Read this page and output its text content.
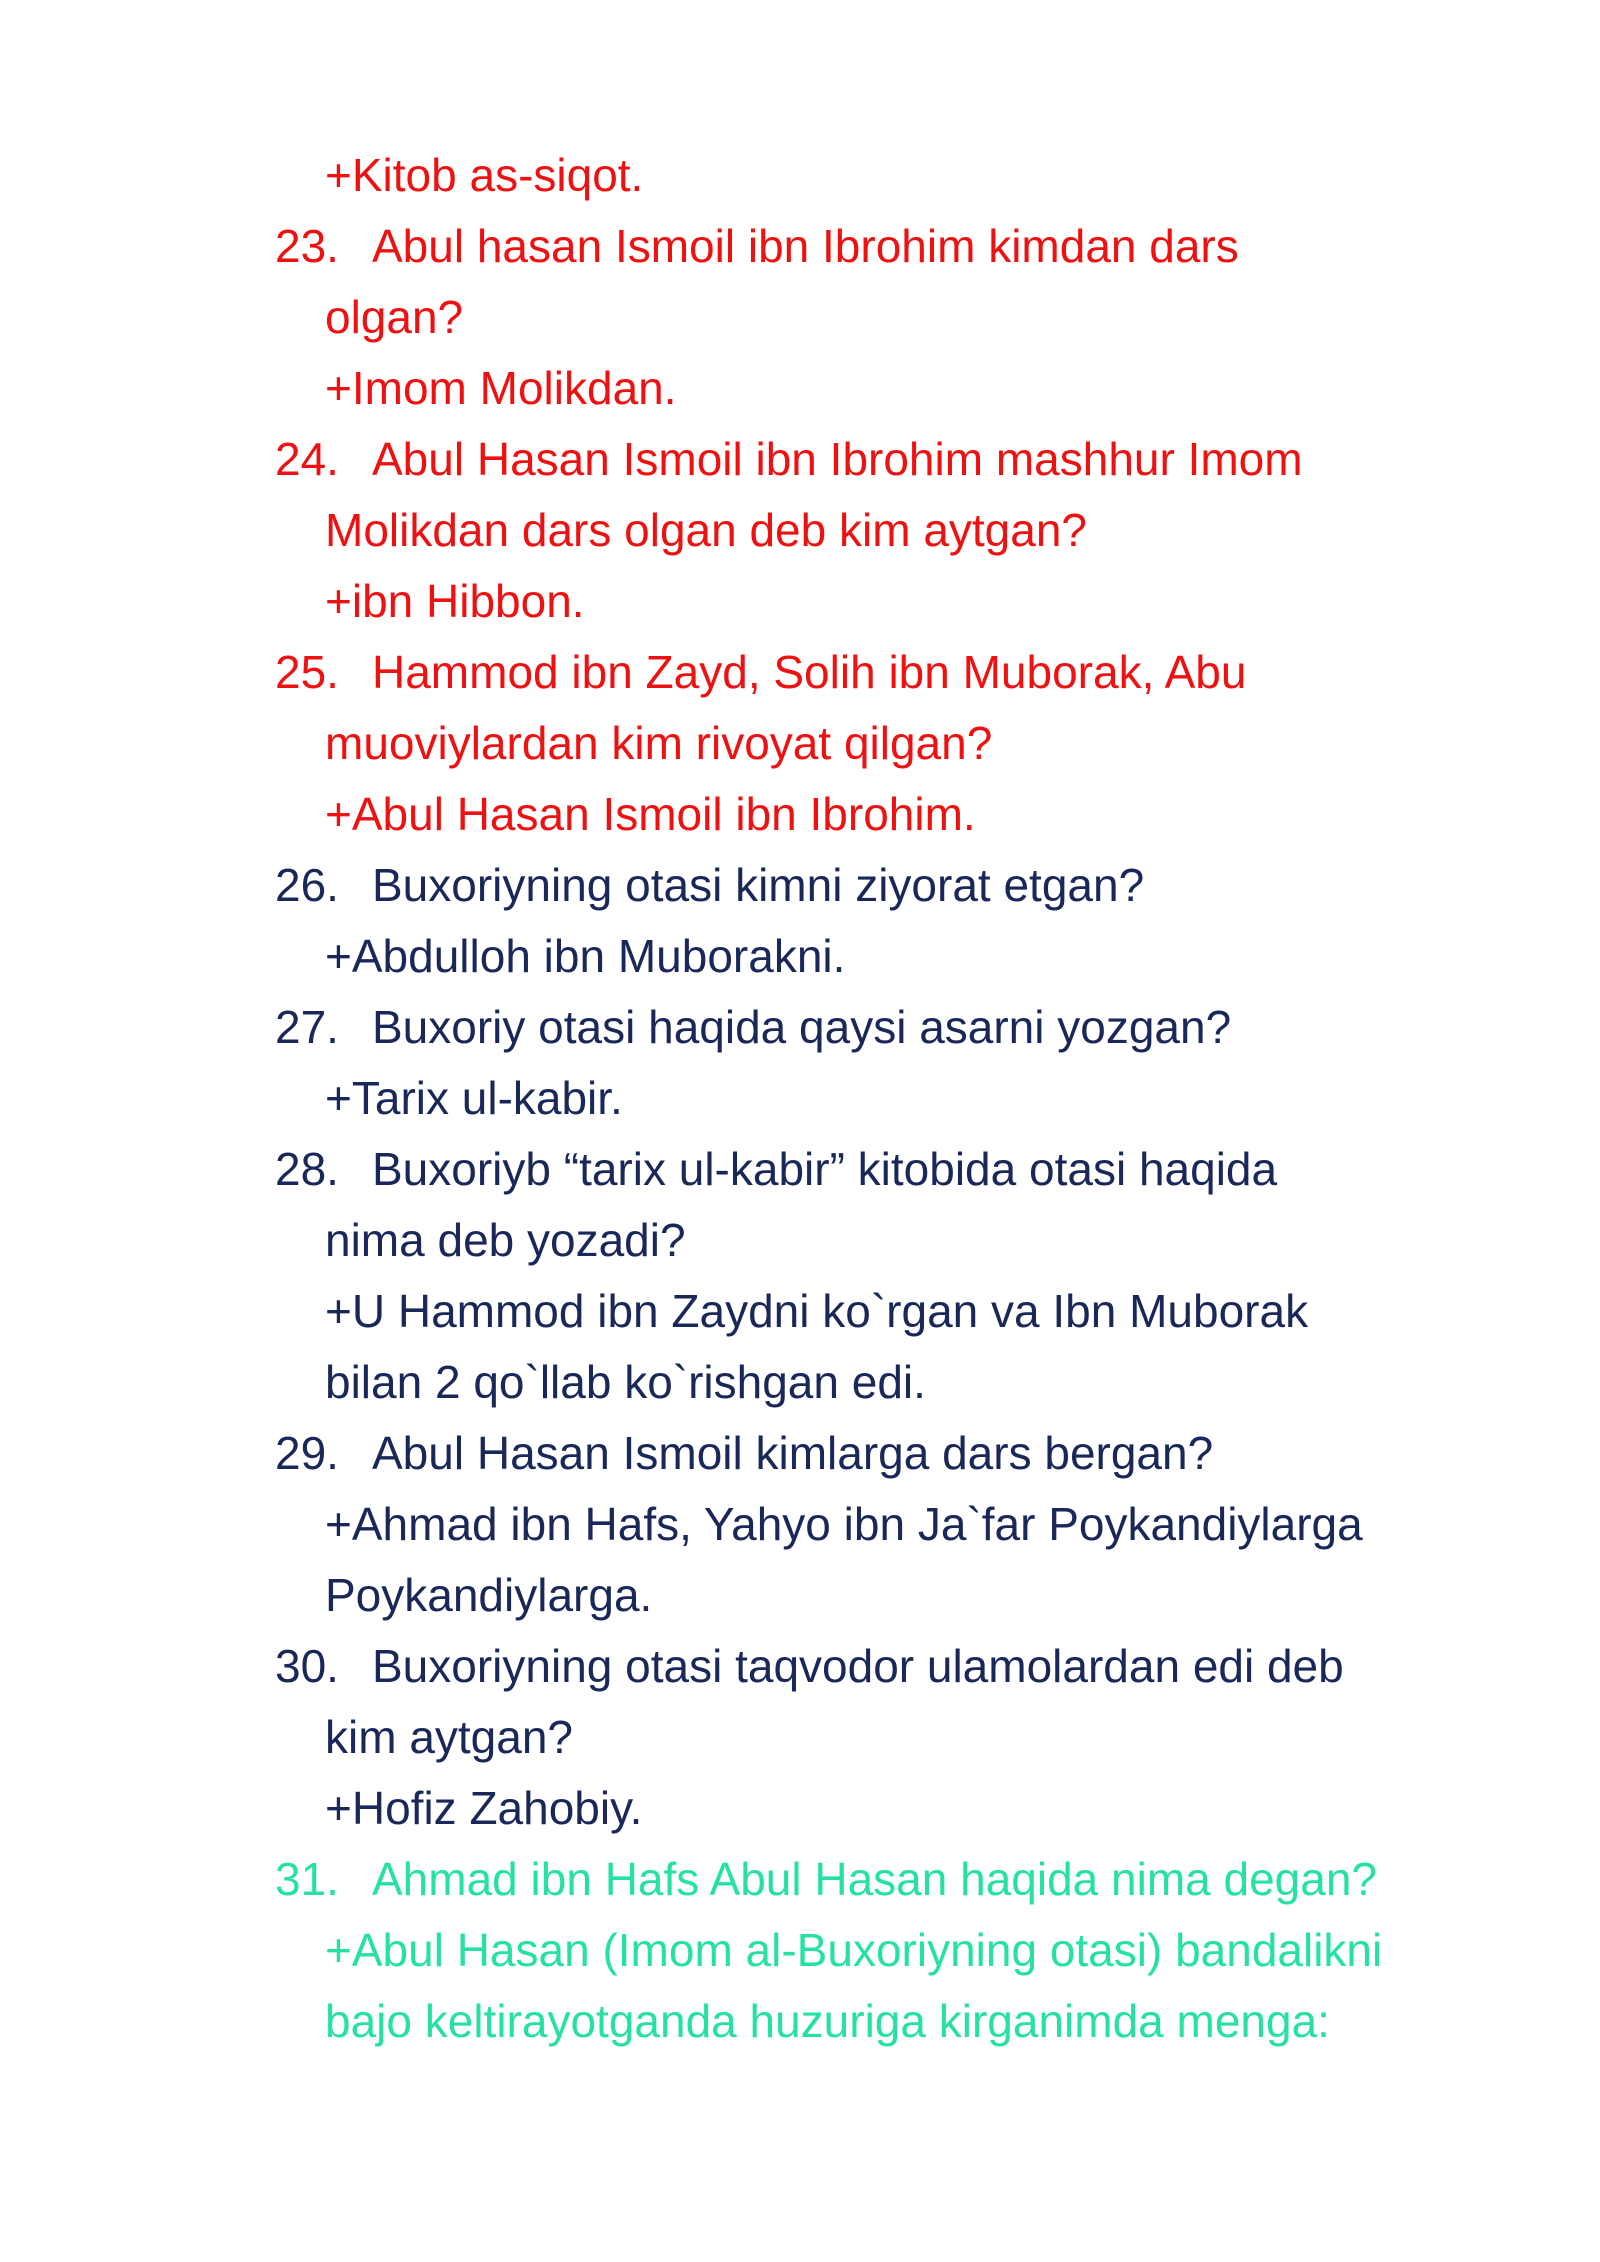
+Kitob as-siqot.
23. Abul hasan Ismoil ibn Ibrohim kimdan dars
olgan?
+Imom Molikdan.
24. Abul Hasan Ismoil ibn Ibrohim mashhur Imom
Molikdan dars olgan deb kim aytgan?
+ibn Hibbon.
25. Hammod ibn Zayd, Solih ibn Muborak, Abu
muoviylardan kim rivoyat qilgan?
+Abul Hasan Ismoil ibn Ibrohim.
26. Buxoriyning otasi kimni ziyorat etgan?
+Abdulloh ibn Muborakni.
27. Buxoriy otasi haqida qaysi asarni yozgan?
+Tarix ul-kabir.
28. Buxoriyb “tarix ul-kabir” kitobida otasi haqida
nima deb yozadi?
+U Hammod ibn Zaydni ko`rgan va Ibn Muborak
bilan 2 qo`llab ko`rishgan edi.
29. Abul Hasan Ismoil kimlarga dars bergan?
+Ahmad ibn Hafs, Yahyo ibn Ja`far Poykandiylarga
Poykandiylarga.
30. Buxoriyning otasi taqvodor ulamolardan edi deb
kim aytgan?
+Hofiz Zahobiy.
31. Ahmad ibn Hafs Abul Hasan haqida nima degan?
+Abul Hasan (Imom al-Buxoriyning otasi) bandalikni
bajo keltirayotganda huzuriga kirganimda menga:
